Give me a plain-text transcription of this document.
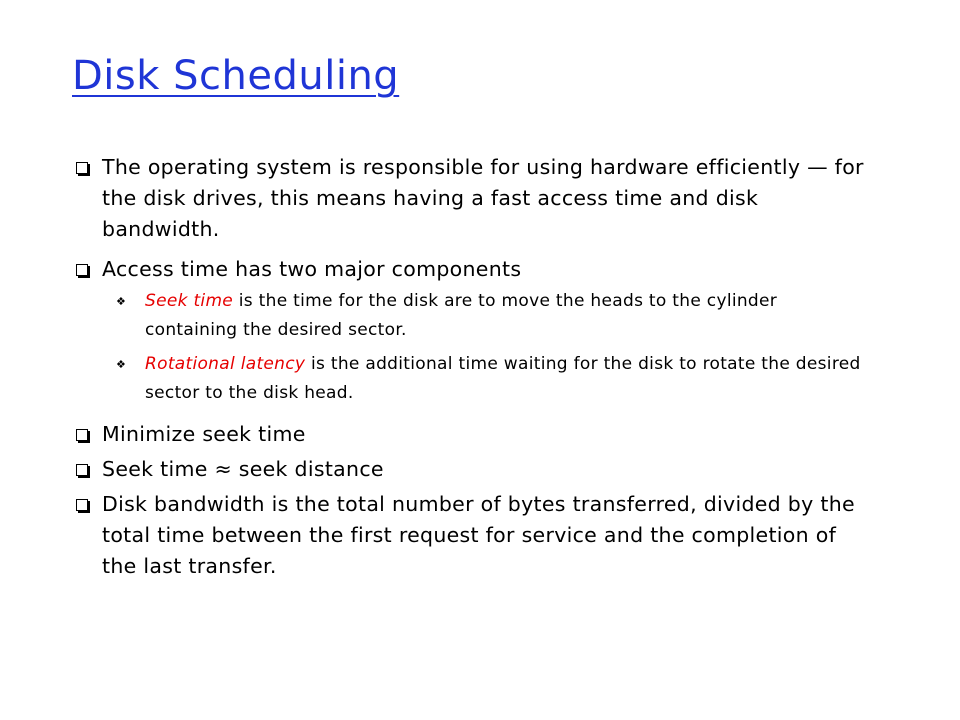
Disk Scheduling
The operating system is responsible for using hardware efficiently — for the disk drives, this means having a fast access time and disk bandwidth.
Access time has two major components
❖ Seek time is the time for the disk are to move the heads to the cylinder containing the desired sector.
❖ Rotational latency is the additional time waiting for the disk to rotate the desired sector to the disk head.
Minimize seek time
Seek time ≈ seek distance
Disk bandwidth is the total number of bytes transferred, divided by the total time between the first request for service and the completion of the last transfer.
